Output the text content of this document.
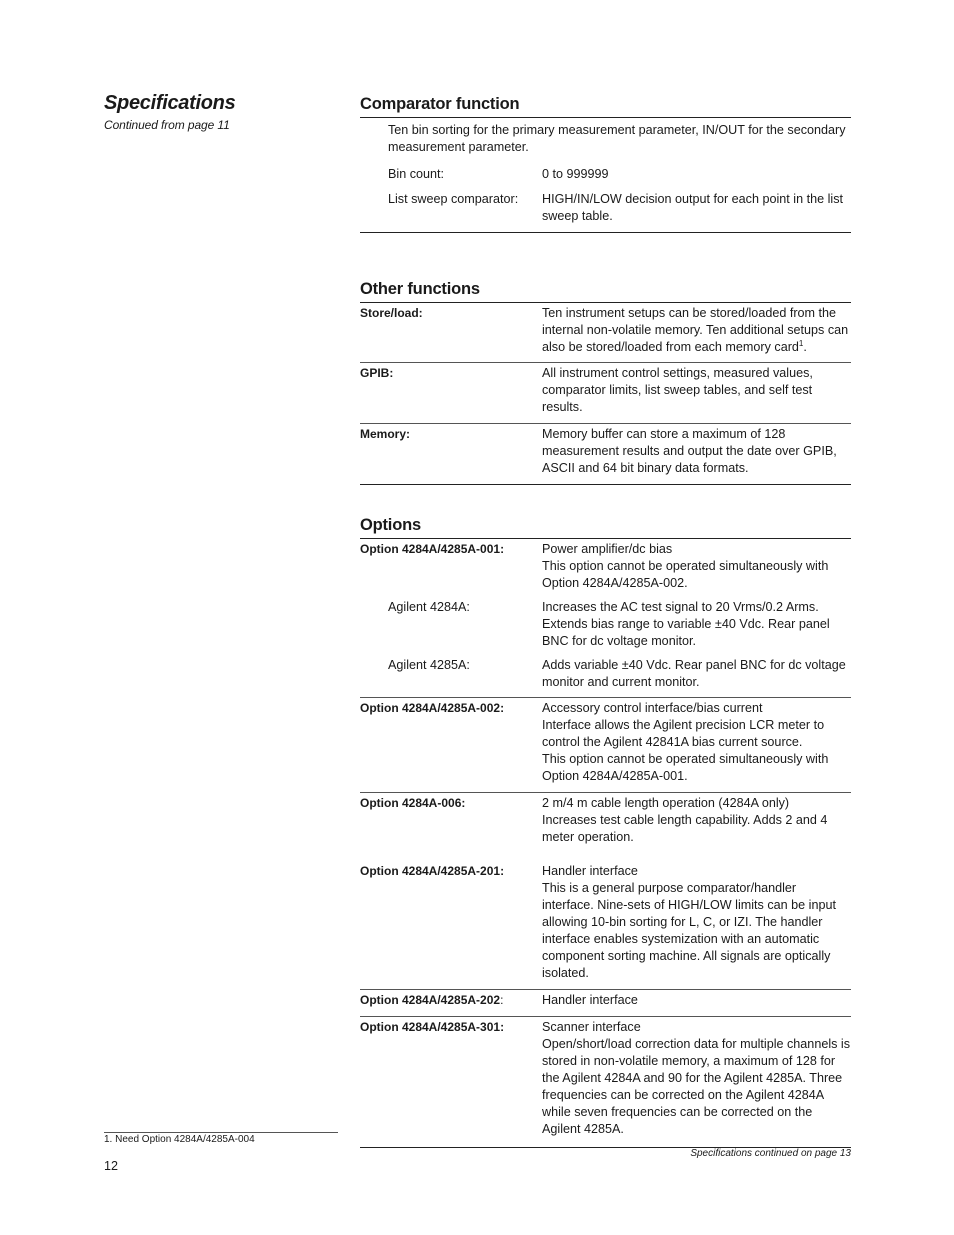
Specifications
Continued from page 11
Comparator function
Ten bin sorting for the primary measurement parameter, IN/OUT for the secondary measurement parameter.
Bin count:	0 to 999999
List sweep comparator:	HIGH/IN/LOW decision output for each point in the list sweep table.
Other functions
Store/load:	Ten instrument setups can be stored/loaded from the internal non-volatile memory. Ten additional setups can also be stored/loaded from each memory card$^1$.
GPIB:	All instrument control settings, measured values, comparator limits, list sweep tables, and self test results.
Memory:	Memory buffer can store a maximum of 128 measurement results and output the date over GPIB, ASCII and 64 bit binary data formats.
Options
Option 4284A/4285A-001:	Power amplifier/dc bias
This option cannot be operated simultaneously with Option 4284A/4285A-002.
Agilent 4284A:	Increases the AC test signal to 20 Vrms/0.2 Arms. Extends bias range to variable ±40 Vdc. Rear panel BNC for dc voltage monitor.
Agilent 4285A:	Adds variable ±40 Vdc. Rear panel BNC for dc voltage monitor and current monitor.
Option 4284A/4285A-002:	Accessory control interface/bias current
Interface allows the Agilent precision LCR meter to control the Agilent 42841A bias current source.
This option cannot be operated simultaneously with Option 4284A/4285A-001.
Option 4284A-006:	2 m/4 m cable length operation (4284A only)
Increases test cable length capability. Adds 2 and 4 meter operation.
Option 4284A/4285A-201:	Handler interface
This is a general purpose comparator/handler interface. Nine-sets of HIGH/LOW limits can be input allowing 10-bin sorting for L, C, or IZI. The handler interface enables systemization with an automatic component sorting machine. All signals are optically isolated.
Option 4284A/4285A-202:	Handler interface
Option 4284A/4285A-301:	Scanner interface
Open/short/load correction data for multiple channels is stored in non-volatile memory, a maximum of 128 for the Agilent 4284A and 90 for the Agilent 4285A. Three frequencies can be corrected on the Agilent 4284A while seven frequencies can be corrected on the Agilent 4285A.
1. Need Option 4284A/4285A-004
12
Specifications continued on page 13
